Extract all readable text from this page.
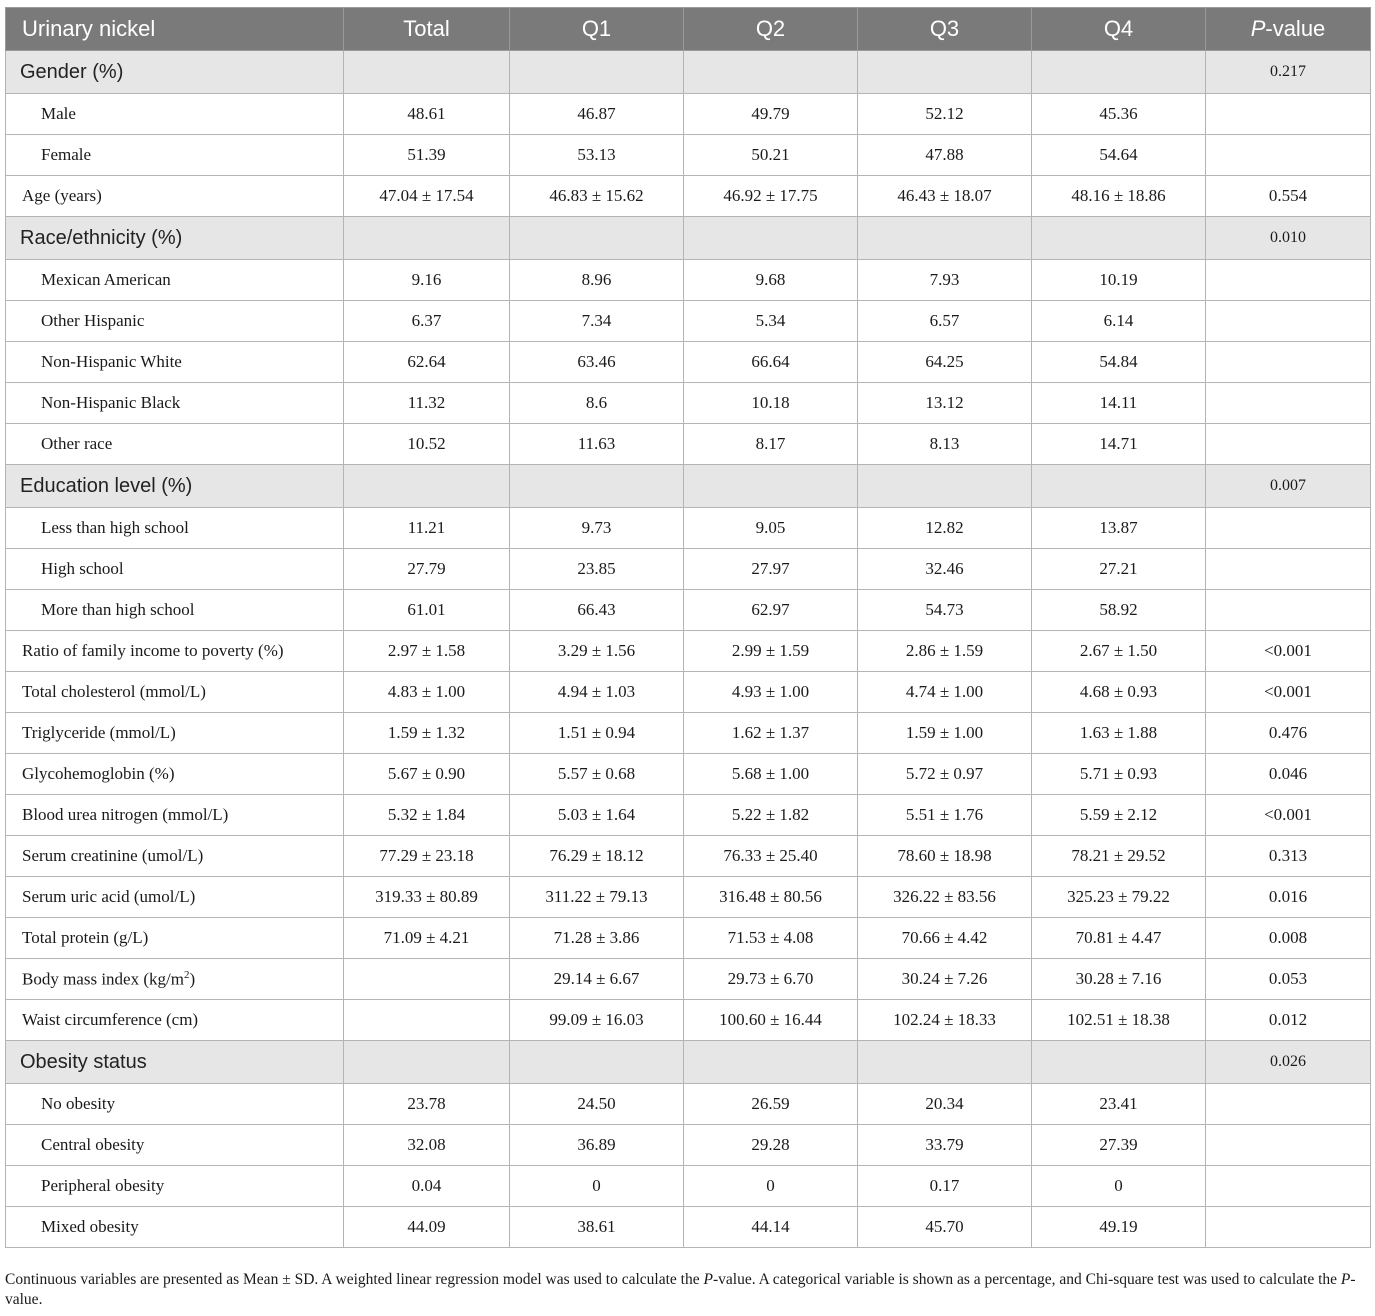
Urinary nickel	Total	Q1	Q2	Q3	Q4	P-value
Gender (%)						0.217
Male	48.61	46.87	49.79	52.12	45.36	
Female	51.39	53.13	50.21	47.88	54.64	
Age (years)	47.04 ± 17.54	46.83 ± 15.62	46.92 ± 17.75	46.43 ± 18.07	48.16 ± 18.86	0.554
Race/ethnicity (%)						0.010
Mexican American	9.16	8.96	9.68	7.93	10.19	
Other Hispanic	6.37	7.34	5.34	6.57	6.14	
Non-Hispanic White	62.64	63.46	66.64	64.25	54.84	
Non-Hispanic Black	11.32	8.6	10.18	13.12	14.11	
Other race	10.52	11.63	8.17	8.13	14.71	
Education level (%)						0.007
Less than high school	11.21	9.73	9.05	12.82	13.87	
High school	27.79	23.85	27.97	32.46	27.21	
More than high school	61.01	66.43	62.97	54.73	58.92	
Ratio of family income to poverty (%)	2.97 ± 1.58	3.29 ± 1.56	2.99 ± 1.59	2.86 ± 1.59	2.67 ± 1.50	<0.001
Total cholesterol (mmol/L)	4.83 ± 1.00	4.94 ± 1.03	4.93 ± 1.00	4.74 ± 1.00	4.68 ± 0.93	<0.001
Triglyceride (mmol/L)	1.59 ± 1.32	1.51 ± 0.94	1.62 ± 1.37	1.59 ± 1.00	1.63 ± 1.88	0.476
Glycohemoglobin (%)	5.67 ± 0.90	5.57 ± 0.68	5.68 ± 1.00	5.72 ± 0.97	5.71 ± 0.93	0.046
Blood urea nitrogen (mmol/L)	5.32 ± 1.84	5.03 ± 1.64	5.22 ± 1.82	5.51 ± 1.76	5.59 ± 2.12	<0.001
Serum creatinine (umol/L)	77.29 ± 23.18	76.29 ± 18.12	76.33 ± 25.40	78.60 ± 18.98	78.21 ± 29.52	0.313
Serum uric acid (umol/L)	319.33 ± 80.89	311.22 ± 79.13	316.48 ± 80.56	326.22 ± 83.56	325.23 ± 79.22	0.016
Total protein (g/L)	71.09 ± 4.21	71.28 ± 3.86	71.53 ± 4.08	70.66 ± 4.42	70.81 ± 4.47	0.008
Body mass index $(kg/m^2)$		29.14 ± 6.67	29.73 ± 6.70	30.24 ± 7.26	30.28 ± 7.16	0.053
Waist circumference (cm)		99.09 ± 16.03	100.60 ± 16.44	102.24 ± 18.33	102.51 ± 18.38	0.012
Obesity status						0.026
No obesity	23.78	24.50	26.59	20.34	23.41	
Central obesity	32.08	36.89	29.28	33.79	27.39	
Peripheral obesity	0.04	0	0	0.17	0	
Mixed obesity	44.09	38.61	44.14	45.70	49.19	
Continuous variables are presented as Mean ± SD. A weighted linear regression model was used to calculate the P-value. A categorical variable is shown as a percentage, and Chi-square test was used to calculate the P-value.
